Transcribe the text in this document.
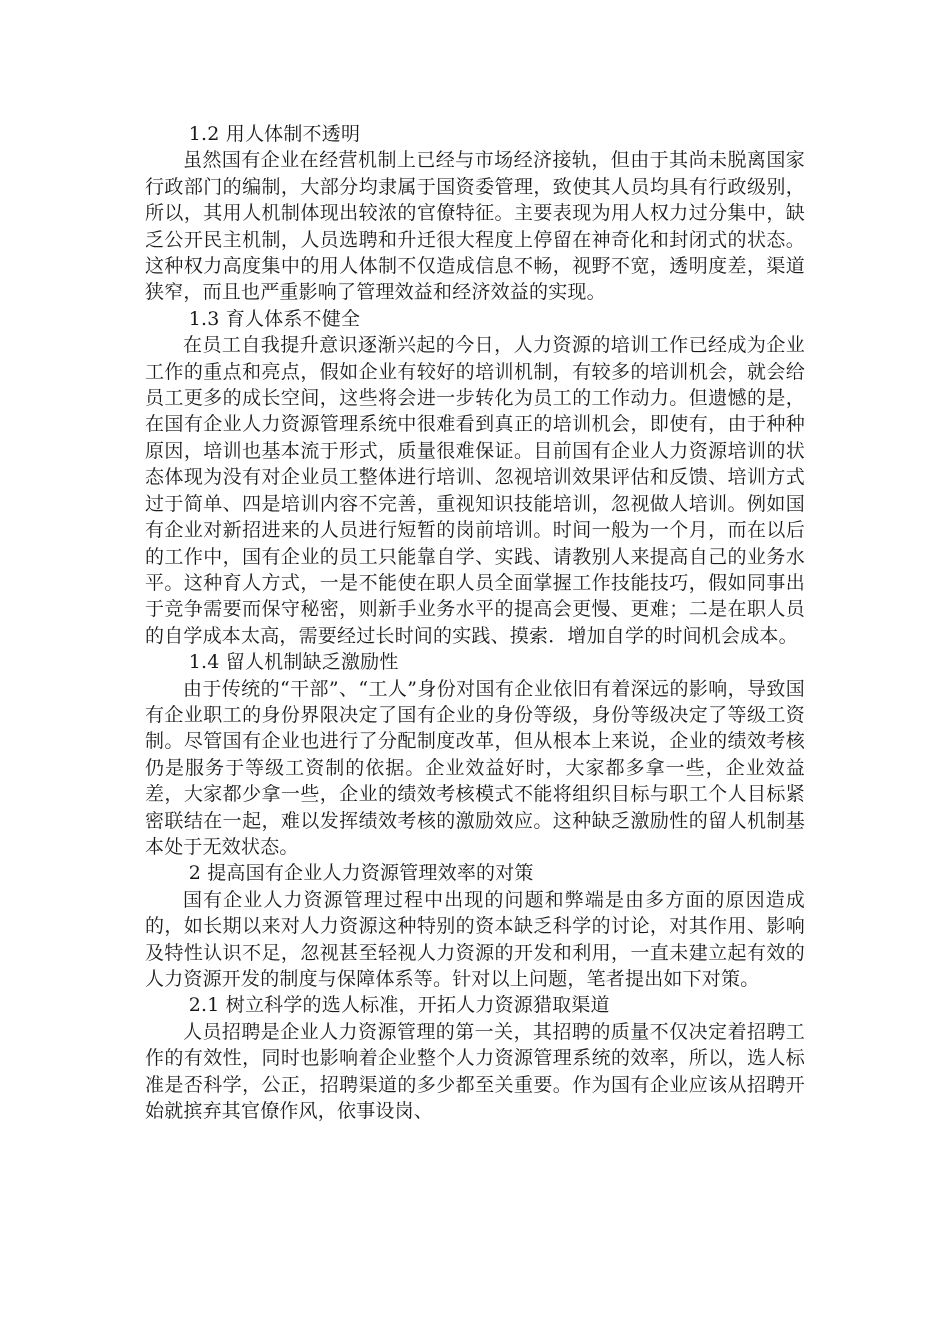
1.2 用人体制不透明

虽然国有企业在经营机制上已经与市场经济接轨，但由于其尚未脱离国家行政部门的编制，大部分均隶属于国资委管理，致使其人员均具有行政级别，所以，其用人机制体现出较浓的官僚特征。主要表现为用人权力过分集中，缺乏公开民主机制，人员选聘和升迁很大程度上停留在神奇化和封闭式的状态。这种权力高度集中的用人体制不仅造成信息不畅，视野不宽，透明度差，渠道狭窄，而且也严重影响了管理效益和经济效益的实现。

1.3 育人体系不健全

在员工自我提升意识逐渐兴起的今日，人力资源的培训工作已经成为企业工作的重点和亮点，假如企业有较好的培训机制，有较多的培训机会，就会给员工更多的成长空间，这些将会进一步转化为员工的工作动力。但遗憾的是，在国有企业人力资源管理系统中很难看到真正的培训机会，即使有，由于种种原因，培训也基本流于形式，质量很难保证。目前国有企业人力资源培训的状态体现为没有对企业员工整体进行培训、忽视培训效果评估和反馈、培训方式过于简单、四是培训内容不完善，重视知识技能培训，忽视做人培训。例如国有企业对新招进来的人员进行短暂的岗前培训。时间一般为一个月，而在以后的工作中，国有企业的员工只能靠自学、实践、请教别人来提高自己的业务水平。这种育人方式，一是不能使在职人员全面掌握工作技能技巧，假如同事出于竞争需要而保守秘密，则新手业务水平的提高会更慢、更难；二是在职人员的自学成本太高，需要经过长时间的实践、摸索．增加自学的时间机会成本。

1.4 留人机制缺乏激励性

由于传统的“干部”、“工人”身份对国有企业依旧有着深远的影响，导致国有企业职工的身份界限决定了国有企业的身份等级，身份等级决定了等级工资制。尽管国有企业也进行了分配制度改革，但从根本上来说，企业的绩效考核仍是服务于等级工资制的依据。企业效益好时，大家都多拿一些，企业效益差，大家都少拿一些，企业的绩效考核模式不能将组织目标与职工个人目标紧密联结在一起，难以发挥绩效考核的激励效应。这种缺乏激励性的留人机制基本处于无效状态。

2 提高国有企业人力资源管理效率的对策

国有企业人力资源管理过程中出现的问题和弊端是由多方面的原因造成的，如长期以来对人力资源这种特别的资本缺乏科学的讨论，对其作用、影响及特性认识不足，忽视甚至轻视人力资源的开发和利用，一直未建立起有效的人力资源开发的制度与保障体系等。针对以上问题，笔者提出如下对策。

2.1 树立科学的选人标准，开拓人力资源猎取渠道

人员招聘是企业人力资源管理的第一关，其招聘的质量不仅决定着招聘工作的有效性，同时也影响着企业整个人力资源管理系统的效率，所以，选人标准是否科学，公正，招聘渠道的多少都至关重要。作为国有企业应该从招聘开始就摈弃其官僚作风，依事设岗、
